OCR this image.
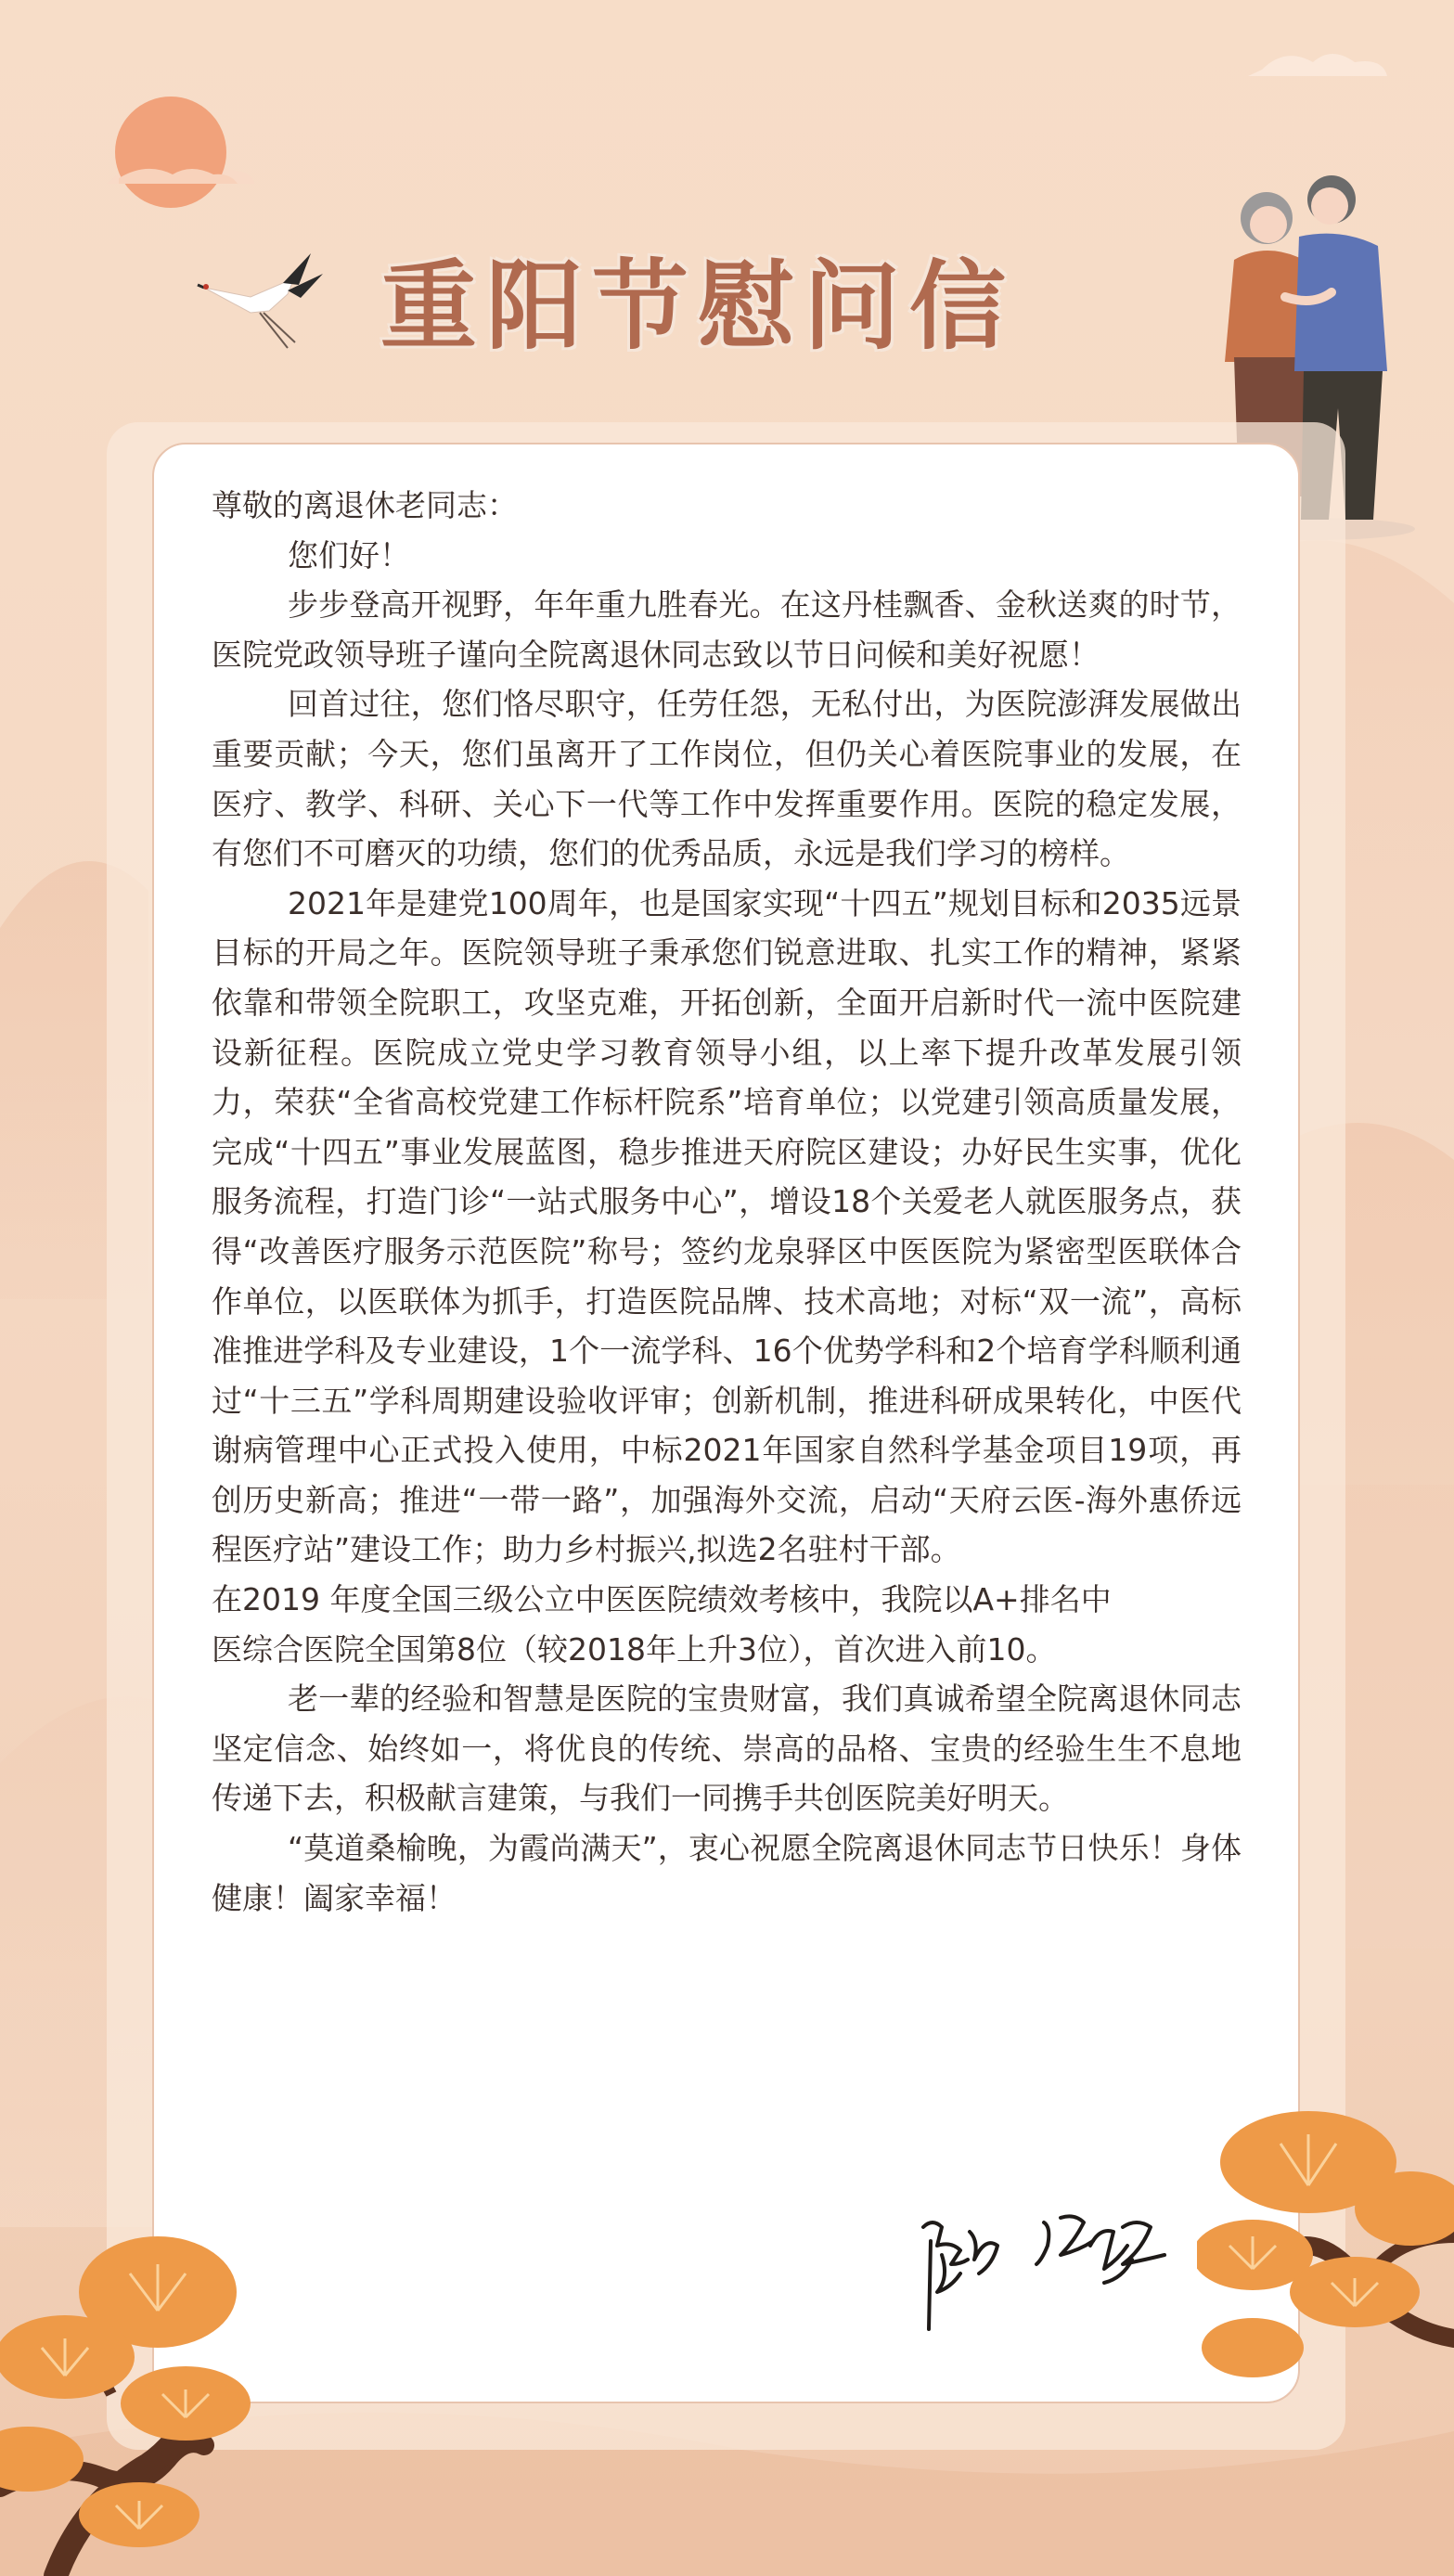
重阳节慰问信

尊敬的离退休老同志：

您们好！

步步登高开视野，年年重九胜春光。在这丹桂飘香、金秋送爽的时节，医院党政领导班子谨向全院离退休同志致以节日问候和美好祝愿！

回首过往，您们恪尽职守，任劳任怨，无私付出，为医院澎湃发展做出重要贡献；今天，您们虽离开了工作岗位，但仍关心着医院事业的发展，在医疗、教学、科研、关心下一代等工作中发挥重要作用。医院的稳定发展，有您们不可磨灭的功绩，您们的优秀品质，永远是我们学习的榜样。

2021年是建党100周年，也是国家实现“十四五”规划目标和2035远景目标的开局之年。医院领导班子秉承您们锐意进取、扎实工作的精神，紧紧依靠和带领全院职工，攻坚克难，开拓创新，全面开启新时代一流中医院建设新征程。医院成立党史学习教育领导小组，以上率下提升改革发展引领力，荣获“全省高校党建工作标杆院系”培育单位；以党建引领高质量发展，完成“十四五”事业发展蓝图，稳步推进天府院区建设；办好民生实事，优化服务流程，打造门诊“一站式服务中心”，增设18个关爱老人就医服务点，获得“改善医疗服务示范医院”称号；签约龙泉驿区中医医院为紧密型医联体合作单位，以医联体为抓手，打造医院品牌、技术高地；对标“双一流”，高标准推进学科及专业建设，1个一流学科、16个优势学科和2个培育学科顺利通过“十三五”学科周期建设验收评审；创新机制，推进科研成果转化，中医代谢病管理中心正式投入使用，中标2021年国家自然科学基金项目19项，再创历史新高；推进“一带一路”，加强海外交流，启动“天府云医-海外惠侨远程医疗站”建设工作；助力乡村振兴,拟选2名驻村干部。

在2019 年度全国三级公立中医医院绩效考核中，我院以A+排名中

医综合医院全国第8位（较2018年上升3位），首次进入前10。

老一辈的经验和智慧是医院的宝贵财富，我们真诚希望全院离退休同志坚定信念、始终如一，将优良的传统、崇高的品格、宝贵的经验生生不息地传递下去，积极献言建策，与我们一同携手共创医院美好明天。

“莫道桑榆晚，为霞尚满天”，衷心祝愿全院离退休同志节日快乐！身体健康！阖家幸福！
